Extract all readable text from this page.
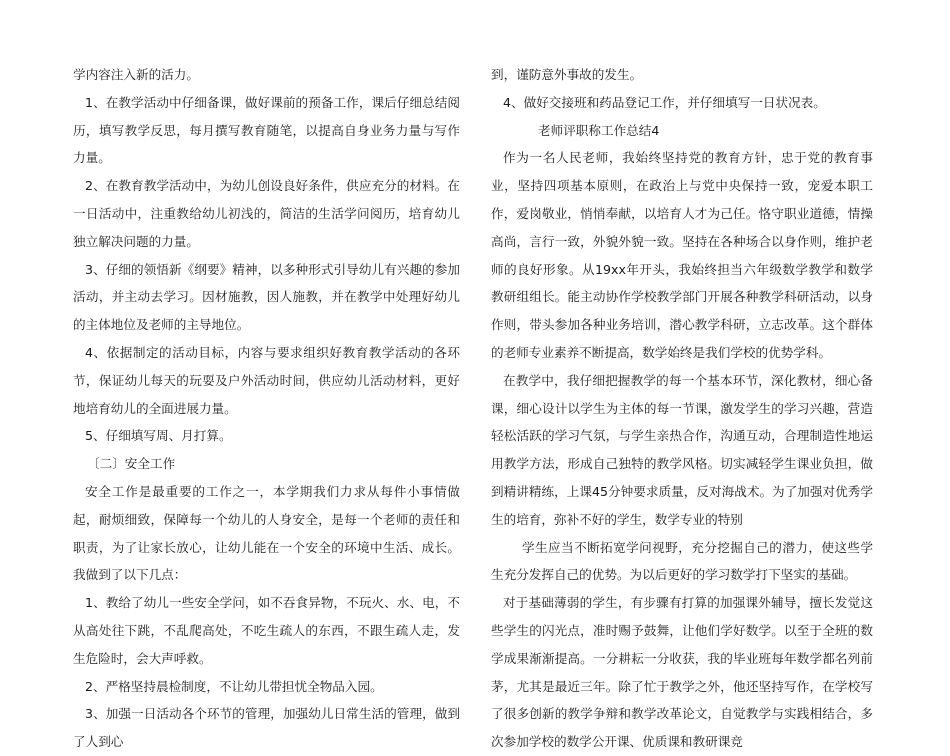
学内容注入新的活力。

1、在教学活动中仔细备课，做好课前的预备工作，课后仔细总结阅历，填写教学反思，每月撰写教育随笔，以提高自身业务力量与写作力量。

2、在教育教学活动中，为幼儿创设良好条件，供应充分的材料。在一日活动中，注重教给幼儿初浅的，简洁的生活学问阅历，培育幼儿独立解决问题的力量。

3、仔细的领悟新《纲要》精神，以多种形式引导幼儿有兴趣的参加活动，并主动去学习。因材施教，因人施教，并在教学中处理好幼儿的主体地位及老师的主导地位。

4、依据制定的活动目标，内容与要求组织好教育教学活动的各环节，保证幼儿每天的玩耍及户外活动时间，供应幼儿活动材料，更好地培育幼儿的全面进展力量。

5、仔细填写周、月打算。

〔二〕安全工作

安全工作是最重要的工作之一，本学期我们力求从每件小事情做起，耐烦细致，保障每一个幼儿的人身安全，是每一个老师的责任和职责，为了让家长放心，让幼儿能在一个安全的环境中生活、成长。我做到了以下几点：

1、教给了幼儿一些安全学问，如不吞食异物，不玩火、水、电，不从高处往下跳，不乱爬高处，不吃生疏人的东西，不跟生疏人走，发生危险时，会大声呼救。

2、严格坚持晨检制度，不让幼儿带担忧全物品入园。

3、加强一日活动各个环节的管理，加强幼儿日常生活的管理，做到了人到心

到，谨防意外事故的发生。

4、做好交接班和药品登记工作，并仔细填写一日状况表。

老师评职称工作总结4

作为一名人民老师，我始终坚持党的教育方针，忠于党的教育事业，坚持四项基本原则，在政治上与党中央保持一致，宠爱本职工作，爱岗敬业，悄悄奉献，以培育人才为己任。恪守职业道德，情操高尚，言行一致，外貌外貌一致。坚持在各种场合以身作则，维护老师的良好形象。从19xx年开头，我始终担当六年级数学教学和数学教研组组长。能主动协作学校教学部门开展各种教学科研活动，以身作则，带头参加各种业务培训，潜心教学科研，立志改革。这个群体的老师专业素养不断提高，数学始终是我们学校的优势学科。

在教学中，我仔细把握教学的每一个基本环节，深化教材，细心备课，细心设计以学生为主体的每一节课，激发学生的学习兴趣，营造轻松活跃的学习气氛，与学生亲热合作，沟通互动，合理制造性地运用教学方法，形成自己独特的教学风格。切实减轻学生课业负担，做到精讲精练，上课45分钟要求质量，反对海战术。为了加强对优秀学生的培育，弥补不好的学生，数学专业的特别

学生应当不断拓宽学问视野，充分挖掘自己的潜力，使这些学生充分发挥自己的优势。为以后更好的学习数学打下坚实的基础。

对于基础薄弱的学生，有步骤有打算的加强课外辅导，擅长发觉这些学生的闪光点，准时赐予鼓舞，让他们学好数学。以至于全班的数学成果渐渐提高。一分耕耘一分收获，我的毕业班每年数学都名列前茅，尤其是最近三年。除了忙于教学之外，他还坚持写作，在学校写了很多创新的教学争辩和教学改革论文，自觉教学与实践相结合，多次参加学校的数学公开课、优质课和教研课竞
